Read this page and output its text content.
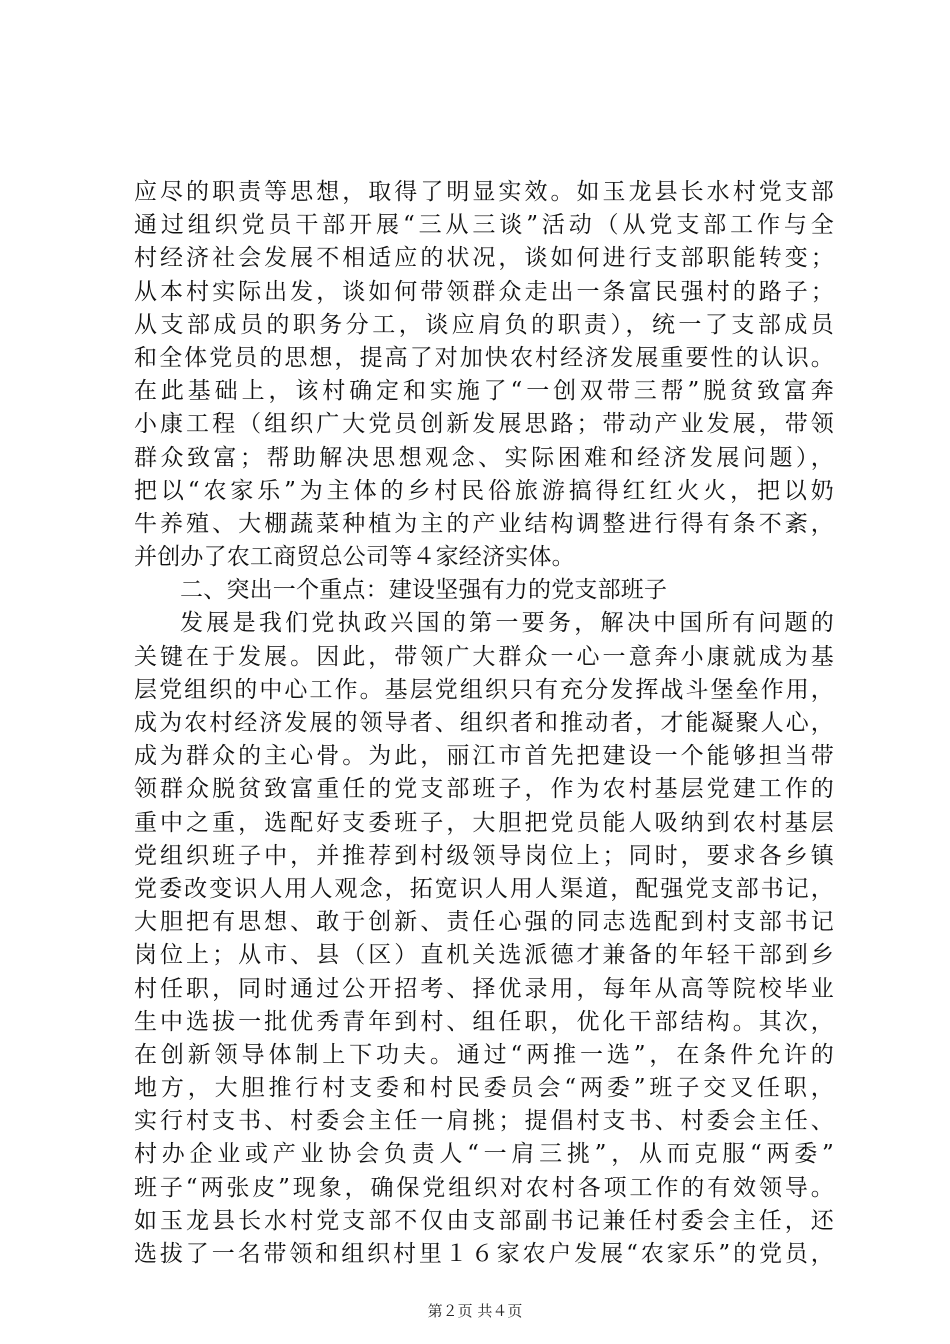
应尽的职责等思想，取得了明显实效。如玉龙县长水村党支部
通过组织党员干部开展“三从三谈”活动（从党支部工作与全
村经济社会发展不相适应的状况，谈如何进行支部职能转变；
从本村实际出发，谈如何带领群众走出一条富民强村的路子；
从支部成员的职务分工，谈应肩负的职责），统一了支部成员
和全体党员的思想，提高了对加快农村经济发展重要性的认识。
在此基础上，该村确定和实施了“一创双带三帮”脱贫致富奔
小康工程（组织广大党员创新发展思路；带动产业发展，带领
群众致富；帮助解决思想观念、实际困难和经济发展问题），
把以“农家乐”为主体的乡村民俗旅游搞得红红火火，把以奶
牛养殖、大棚蔬菜种植为主的产业结构调整进行得有条不紊，
并创办了农工商贸总公司等４家经济实体。
二、突出一个重点：建设坚强有力的党支部班子
发展是我们党执政兴国的第一要务，解决中国所有问题的
关键在于发展。因此，带领广大群众一心一意奔小康就成为基
层党组织的中心工作。基层党组织只有充分发挥战斗堡垒作用，
成为农村经济发展的领导者、组织者和推动者，才能凝聚人心，
成为群众的主心骨。为此，丽江市首先把建设一个能够担当带
领群众脱贫致富重任的党支部班子，作为农村基层党建工作的
重中之重，选配好支委班子，大胆把党员能人吸纳到农村基层
党组织班子中，并推荐到村级领导岗位上；同时，要求各乡镇
党委改变识人用人观念，拓宽识人用人渠道，配强党支部书记，
大胆把有思想、敢于创新、责任心强的同志选配到村支部书记
岗位上；从市、县（区）直机关选派德才兼备的年轻干部到乡
村任职，同时通过公开招考、择优录用，每年从高等院校毕业
生中选拔一批优秀青年到村、组任职，优化干部结构。其次，
在创新领导体制上下功夫。通过“两推一选”，在条件允许的
地方，大胆推行村支委和村民委员会“两委”班子交叉任职，
实行村支书、村委会主任一肩挑；提倡村支书、村委会主任、
村办企业或产业协会负责人“一肩三挑”，从而克服“两委”
班子“两张皮”现象，确保党组织对农村各项工作的有效领导。
如玉龙县长水村党支部不仅由支部副书记兼任村委会主任，还
选拔了一名带领和组织村里１６家农户发展“农家乐”的党员，
第２页 共４页
